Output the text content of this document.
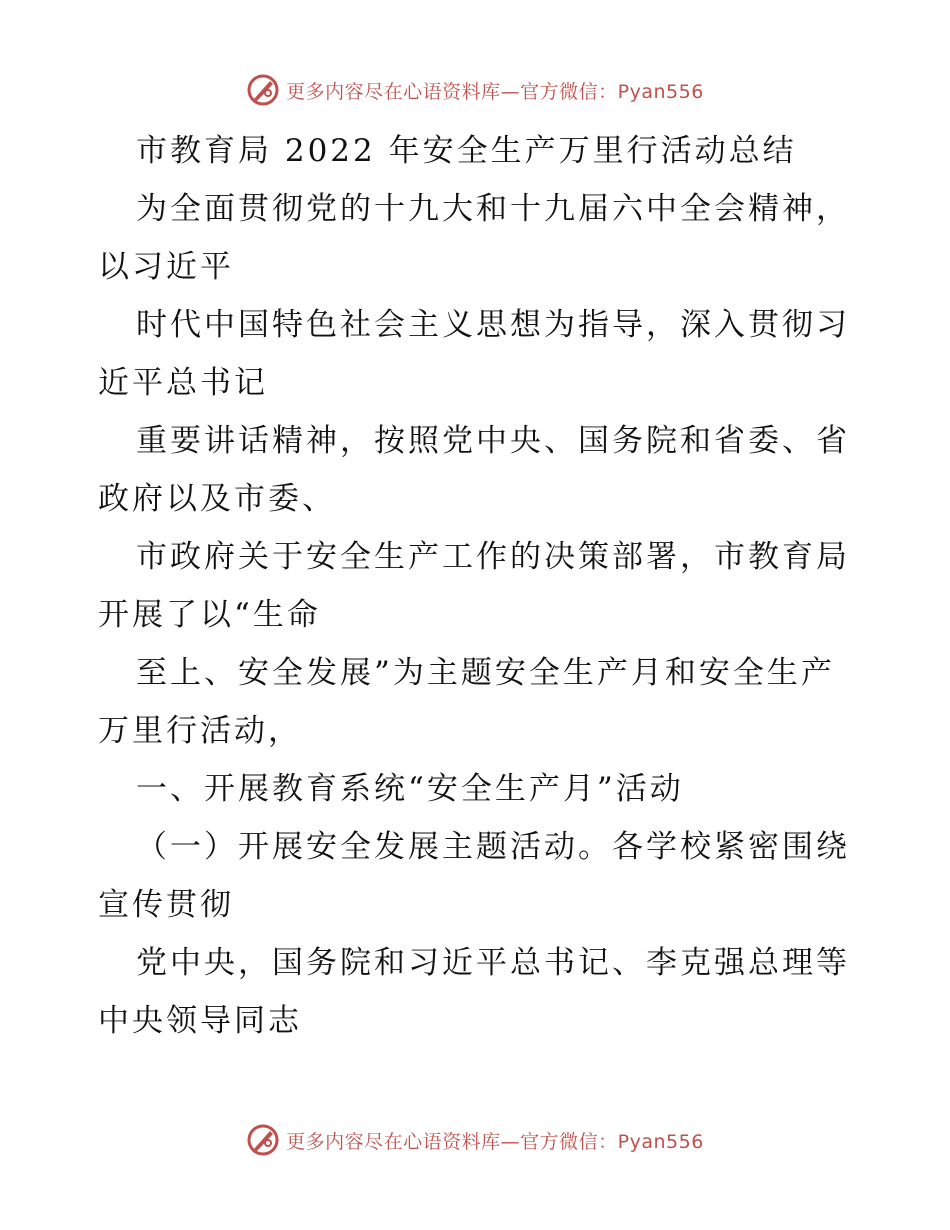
更多内容尽在心语资料库—官方微信：Pyan556
市教育局 2022 年安全生产万里行活动总结
为全面贯彻党的十九大和十九届六中全会精神，
以习近平
时代中国特色社会主义思想为指导，深入贯彻习
近平总书记
重要讲话精神，按照党中央、国务院和省委、省
政府以及市委、
市政府关于安全生产工作的决策部署，市教育局
开展了以“生命
至上、安全发展”为主题安全生产月和安全生产
万里行活动，
一、开展教育系统“安全生产月”活动
（一）开展安全发展主题活动。各学校紧密围绕
宣传贯彻
党中央，国务院和习近平总书记、李克强总理等
中央领导同志
更多内容尽在心语资料库—官方微信：Pyan556
